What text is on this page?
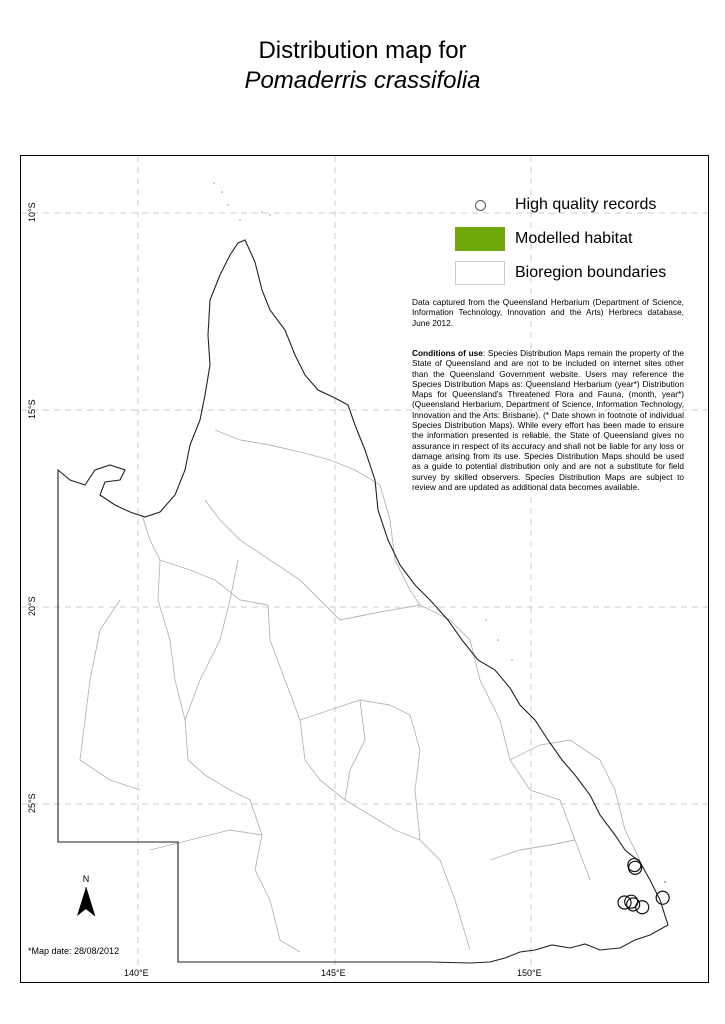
Distribution map for
Pomaderris crassifolia
High quality records
Modelled habitat
Bioregion boundaries
Data captured from the Queensland Herbarium (Department of Science, Information Technology, Innovation and the Arts) Herbrecs database, June 2012.
Conditions of use: Species Distribution Maps remain the property of the State of Queensland and are not to be included on internet sites other than the Queensland Government website. Users may reference the Species Distribution Maps as: Queensland Herbarium (year*) Distribution Maps for Queensland's Threatened Flora and Fauna, (month, year*) (Queensland Herbarium, Department of Science, Information Technology, Innovation and the Arts: Brisbane). (* Date shown in footnote of individual Species Distribution Maps). While every effort has been made to ensure the information presented is reliable, the State of Queensland gives no assurance in respect of its accuracy and shall not be liable for any loss or damage arising from its use. Species Distribution Maps should be used as a guide to potential distribution only and are not a substitute for field survey by skilled observers. Species Distribution Maps are subject to review and are updated as additional data becomes available.
10°S
15°S
20°S
25°S
140°E	145°E	150°E
N
*Map date: 28/08/2012
